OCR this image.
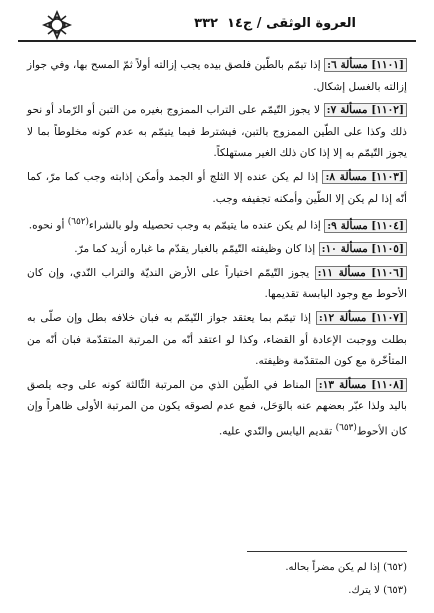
العروة الوثقى / ج١٤  ٣٣٢

[١١٠١] مسألة ٦: إذا تيمّم بالطّين فلصق بيده يجب إزالته أولاً ثمّ المسح بها، وفي جواز إزالته بالغسل إشكال.

[١١٠٢] مسألة ٧: لا يجوز التّيمّم على التراب الممزوج بغيره من التبن أو الرّماد أو نحو ذلك وكذا على الطّين الممزوج بالتبن، فيشترط فيما يتيمّم به عدم كونه مخلوطاً بما لا يجوز التّيمّم به إلا إذا كان ذلك الغير مستهلكاً.

[١١٠٣] مسألة ٨: إذا لم يكن عنده إلا الثلج أو الجمد وأمكن إذابته وجب كما مرّ، كما أنّه إذا لم يكن إلا الطّين وأمكنه تجفيفه وجب.

[١١٠٤] مسألة ٩: إذا لم يكن عنده ما يتيمّم به وجب تحصيله ولو بالشراء$^{(٦٥٢)}$ أو نحوه.

[١١٠٥] مسألة ١٠: إذا كان وظيفته التّيمّم بالغبار يقدّم ما غباره أزيد كما مرّ.

[١١٠٦] مسألة ١١: يجوز التّيمّم اختياراً على الأرض النديّة والتراب النّدي، وإن كان الأحوط مع وجود اليابسة تقديمها.

[١١٠٧] مسألة ١٢: إذا تيمّم بما يعتقد جواز التّيمّم به فبان خلافه بطل وإن صلّى به بطلت ووجبت الإعادة أو القضاء، وكذا لو اعتقد أنّه من المرتبة المتقدّمة فبان أنّه من المتأخّرة مع كون المتقدّمة وظيفته.

[١١٠٨] مسألة ١٣: المناط في الطّين الذي من المرتبة الثّالثة كونه على وجه يلصق باليد ولذا عبّر بعضهم عنه بالوَحَل، فمع عدم لصوقه يكون من المرتبة الأولى ظاهراً وإن كان الأحوط$^{(٦٥٣)}$ تقديم اليابس والنّدي عليه.

(٦٥٢) إذا لم يكن مضراً بحاله.
(٦٥٣) لا يترك.
